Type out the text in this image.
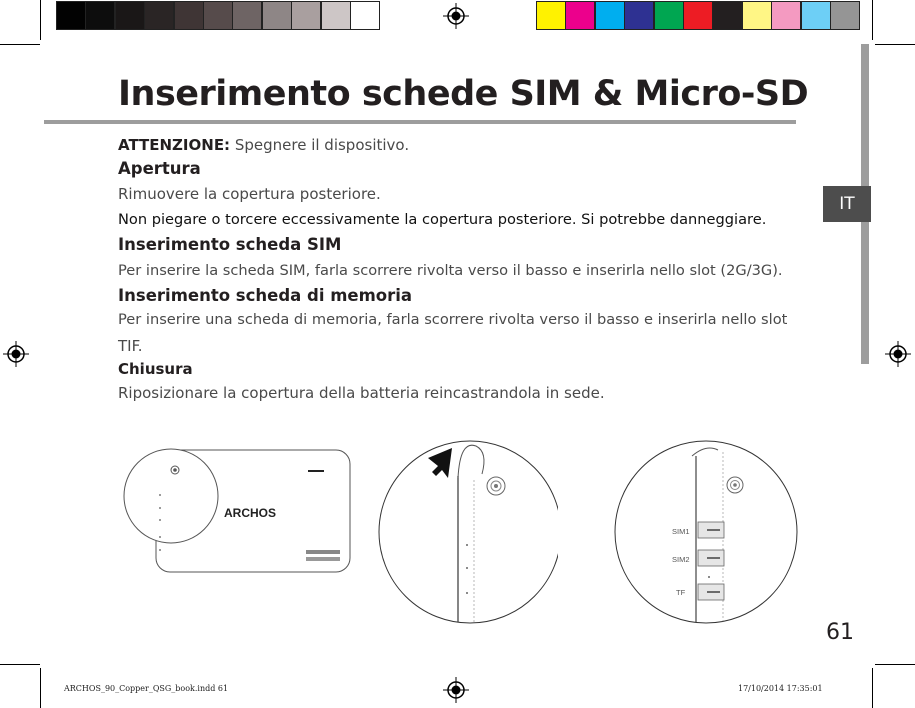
IT
Inserimento schede SIM & Micro-SD
ATTENZIONE: Spegnere il dispositivo.
Apertura
Rimuovere la copertura posteriore.
Non piegare o torcere eccessivamente la copertura posteriore. Si potrebbe danneggiare.
Inserimento scheda SIM
Per inserire la scheda SIM, farla scorrere rivolta verso il basso e inserirla nello slot (2G/3G).
Inserimento scheda di memoria
Per inserire una scheda di memoria, farla scorrere rivolta verso il basso e inserirla nello slot
TIF.
Chiusura
Riposizionare la copertura della batteria reincastrandola in sede.
ARCHOS
SIM1
SIM2
TF
61
ARCHOS_90_Copper_QSG_book.indd 61	17/10/2014 17:35:01
